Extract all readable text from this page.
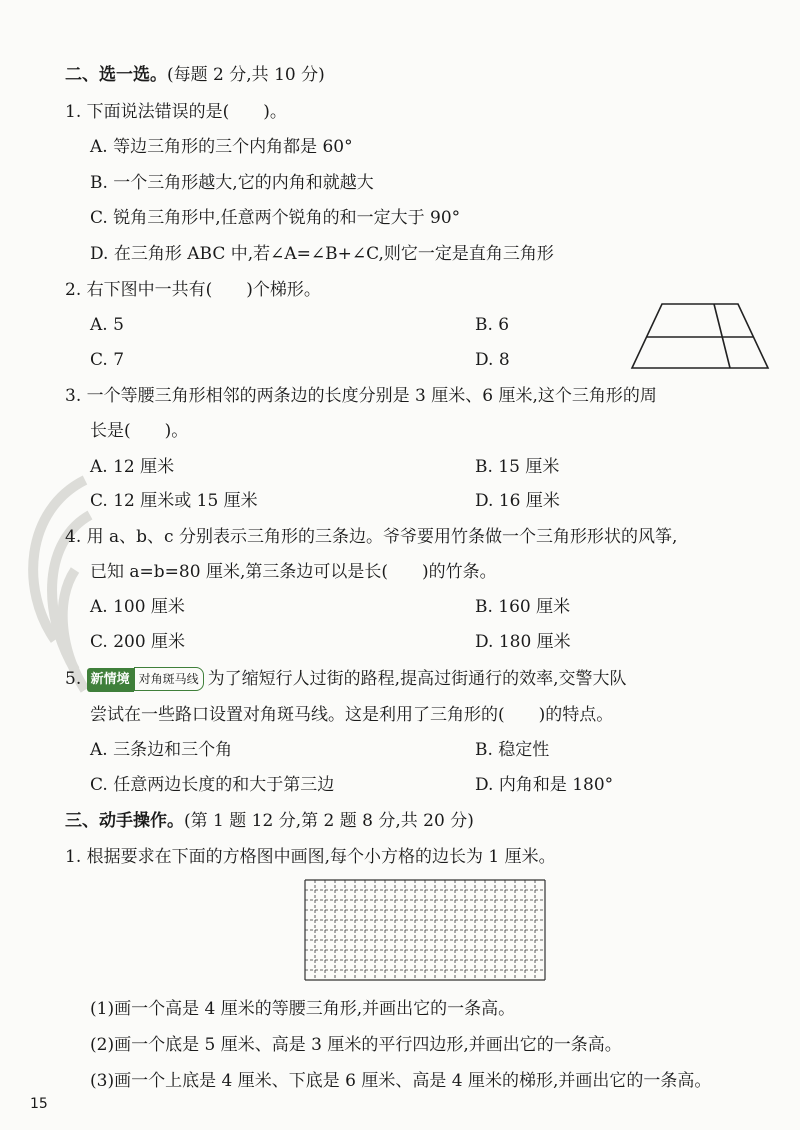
二、选一选。(每题 2 分,共 10 分)
1. 下面说法错误的是(　　)。
A. 等边三角形的三个内角都是 60°
B. 一个三角形越大,它的内角和就越大
C. 锐角三角形中,任意两个锐角的和一定大于 90°
D. 在三角形 ABC 中,若∠A=∠B+∠C,则它一定是直角三角形
2. 右下图中一共有(　　)个梯形。
A. 5	B. 6
C. 7	D. 8
3. 一个等腰三角形相邻的两条边的长度分别是 3 厘米、6 厘米,这个三角形的周
长是(　　)。
A. 12 厘米	B. 15 厘米
C. 12 厘米或 15 厘米	D. 16 厘米
4. 用 a、b、c 分别表示三角形的三条边。爷爷要用竹条做一个三角形形状的风筝,
已知 a=b=80 厘米,第三条边可以是长(　　)的竹条。
A. 100 厘米	B. 160 厘米
C. 200 厘米	D. 180 厘米
5. 新情境 对角斑马线 为了缩短行人过街的路程,提高过街通行的效率,交警大队
尝试在一些路口设置对角斑马线。这是利用了三角形的(　　)的特点。
A. 三条边和三个角	B. 稳定性
C. 任意两边长度的和大于第三边	D. 内角和是 180°
三、动手操作。(第 1 题 12 分,第 2 题 8 分,共 20 分)
1. 根据要求在下面的方格图中画图,每个小方格的边长为 1 厘米。
(1)画一个高是 4 厘米的等腰三角形,并画出它的一条高。
(2)画一个底是 5 厘米、高是 3 厘米的平行四边形,并画出它的一条高。
(3)画一个上底是 4 厘米、下底是 6 厘米、高是 4 厘米的梯形,并画出它的一条高。
15
